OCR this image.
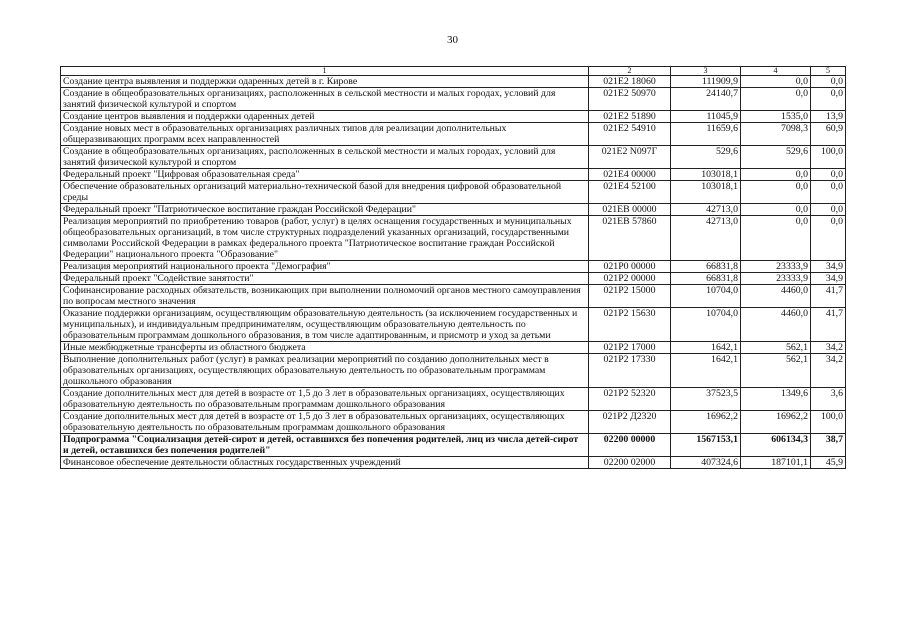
30
1	2	3	4	5
Создание центра выявления и поддержки одаренных детей в г. Кирове	021E2 18060	111909,9	0,0	0,0
Создание в общеобразовательных организациях, расположенных в сельской местности и малых городах, условий для занятий физической культурой и спортом	021E2 50970	24140,7	0,0	0,0
Создание центров выявления и поддержки одаренных детей	021E2 51890	11045,9	1535,0	13,9
Создание новых мест в образовательных организациях различных типов для реализации дополнительных общеразвивающих программ всех направленностей	021E2 54910	11659,6	7098,3	60,9
Создание в общеобразовательных организациях, расположенных в сельской местности и малых городах, условий для занятий физической культурой и спортом	021E2 N097Г	529,6	529,6	100,0
Федеральный проект "Цифровая образовательная среда"	021E4 00000	103018,1	0,0	0,0
Обеспечение образовательных организаций материально-технической базой для внедрения цифровой образовательной среды	021E4 52100	103018,1	0,0	0,0
Федеральный проект "Патриотическое воспитание граждан Российской Федерации"	021EВ 00000	42713,0	0,0	0,0
Реализация мероприятий по приобретению товаров (работ, услуг) в целях оснащения государственных и муниципальных общеобразовательных организаций, в том числе структурных подразделений указанных организаций, государственными символами Российской Федерации в рамках федерального проекта "Патриотическое воспитание граждан Российской Федерации" национального проекта "Образование"	021EВ 57860	42713,0	0,0	0,0
Реализация мероприятий национального проекта "Демография"	021P0 00000	66831,8	23333,9	34,9
Федеральный проект "Содействие занятости"	021P2 00000	66831,8	23333,9	34,9
Софинансирование расходных обязательств, возникающих при выполнении полномочий органов местного самоуправления по вопросам местного значения	021P2 15000	10704,0	4460,0	41,7
Оказание поддержки организациям, осуществляющим образовательную деятельность (за исключением государственных и муниципальных), и индивидуальным предпринимателям, осуществляющим образовательную деятельность по образовательным программам дошкольного образования, в том числе адаптированным, и присмотр и уход за детьми	021P2 15630	10704,0	4460,0	41,7
Иные межбюджетные трансферты из областного бюджета	021P2 17000	1642,1	562,1	34,2
Выполнение дополнительных работ (услуг) в рамках реализации мероприятий по созданию дополнительных мест в образовательных организациях, осуществляющих образовательную деятельность по образовательным программам дошкольного образования	021P2 17330	1642,1	562,1	34,2
Создание дополнительных мест для детей в возрасте от 1,5 до 3 лет в образовательных организациях, осуществляющих образовательную деятельность по образовательным программам дошкольного образования	021P2 52320	37523,5	1349,6	3,6
Создание дополнительных мест для детей в возрасте от 1,5 до 3 лет в образовательных организациях, осуществляющих образовательную деятельность по образовательным программам дошкольного образования	021P2 Д2320	16962,2	16962,2	100,0
Подпрограмма "Социализация детей-сирот и детей, оставшихся без попечения родителей, лиц из числа детей-сирот и детей, оставшихся без попечения родителей"	02200 00000	1567153,1	606134,3	38,7
Финансовое обеспечение деятельности областных государственных учреждений	02200 02000	407324,6	187101,1	45,9
